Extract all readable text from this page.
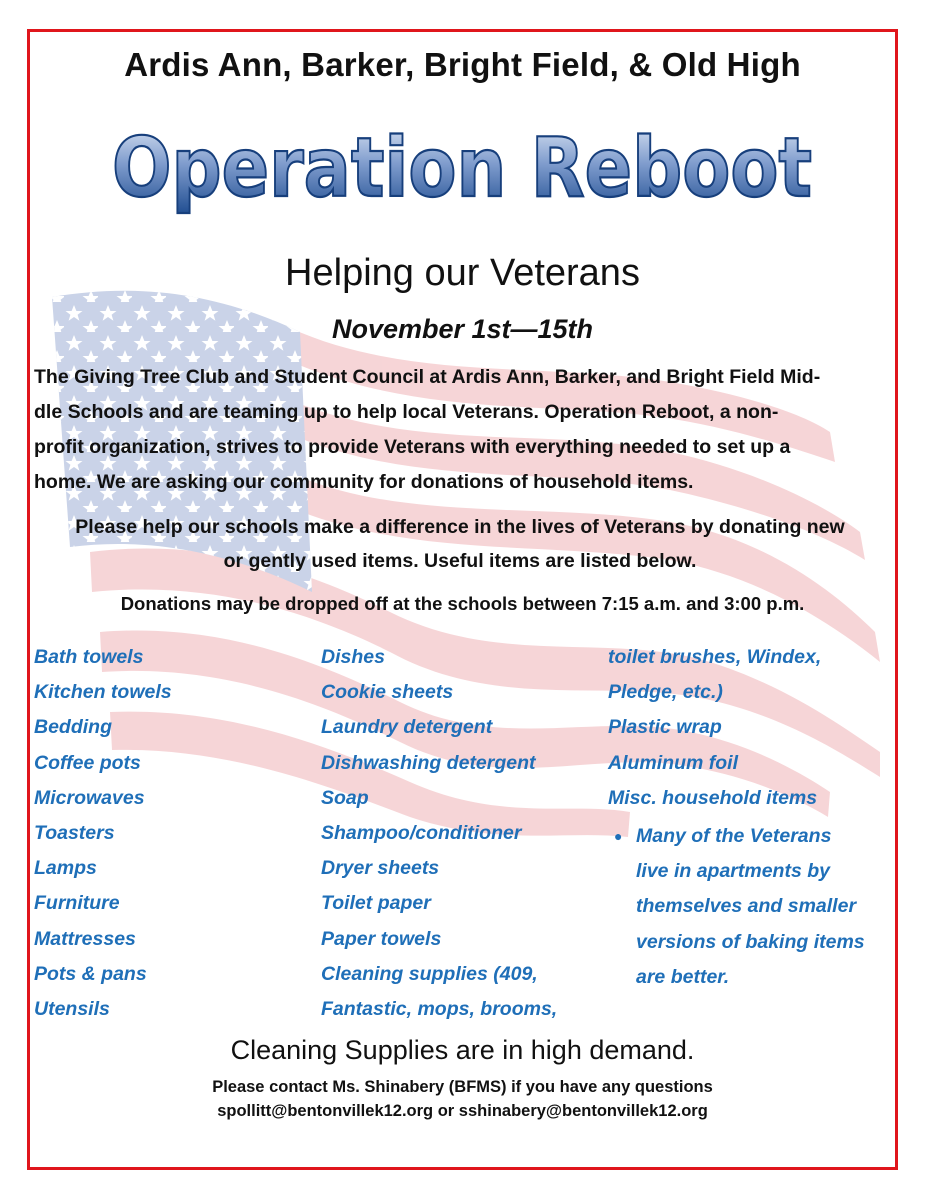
Ardis Ann, Barker, Bright Field, & Old High
Operation Reboot
Helping our Veterans
November 1st—15th
The Giving Tree Club and Student Council at Ardis Ann, Barker, and Bright Field Mid-
dle Schools and are teaming up to help local Veterans. Operation Reboot, a non-
profit organization, strives to provide Veterans with everything needed to set up a
home. We are asking our community for donations of household items.
Please help our schools make a difference in the lives of Veterans by donating new
or gently used items. Useful items are listed below.
Donations may be dropped off at the schools between 7:15 a.m. and 3:00 p.m.
Bath towels
Kitchen towels
Bedding
Coffee pots
Microwaves
Toasters
Lamps
Furniture
Mattresses
Pots & pans
Utensils
Dishes
Cookie sheets
Laundry detergent
Dishwashing detergent
Soap
Shampoo/conditioner
Dryer sheets
Toilet paper
Paper towels
Cleaning supplies (409,
Fantastic, mops, brooms,
toilet brushes, Windex,
Pledge, etc.)
Plastic wrap
Aluminum foil
Misc. household items
● Many of the Veterans
live in apartments by
themselves and smaller
versions of baking items
are better.
Cleaning Supplies are in high demand.
Please contact Ms. Shinabery (BFMS) if you have any questions
spollitt@bentonvillek12.org or sshinabery@bentonvillek12.org
